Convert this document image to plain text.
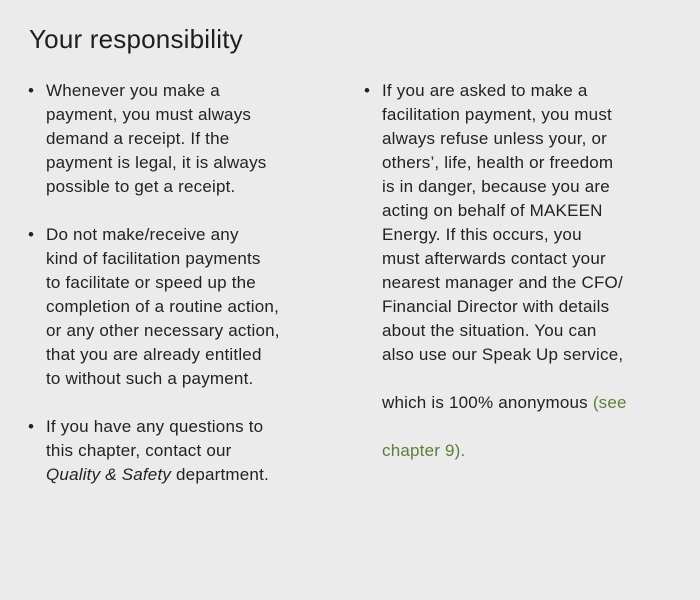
Your responsibility
• Whenever you make a
payment, you must always
demand a receipt. If the
payment is legal, it is always
possible to get a receipt.
• Do not make/receive any
kind of facilitation payments
to facilitate or speed up the
completion of a routine action,
or any other necessary action,
that you are already entitled
to without such a payment.
• If you have any questions to
this chapter, contact our
Quality & Safety department.
• If you are asked to make a
facilitation payment, you must
always refuse unless your, or
others’, life, health or freedom
is in danger, because you are
acting on behalf of MAKEEN
Energy. If this occurs, you
must afterwards contact your
nearest manager and the CFO/
Financial Director with details
about the situation. You can
also use our Speak Up service,
which is 100% anonymous (see
chapter 9).
